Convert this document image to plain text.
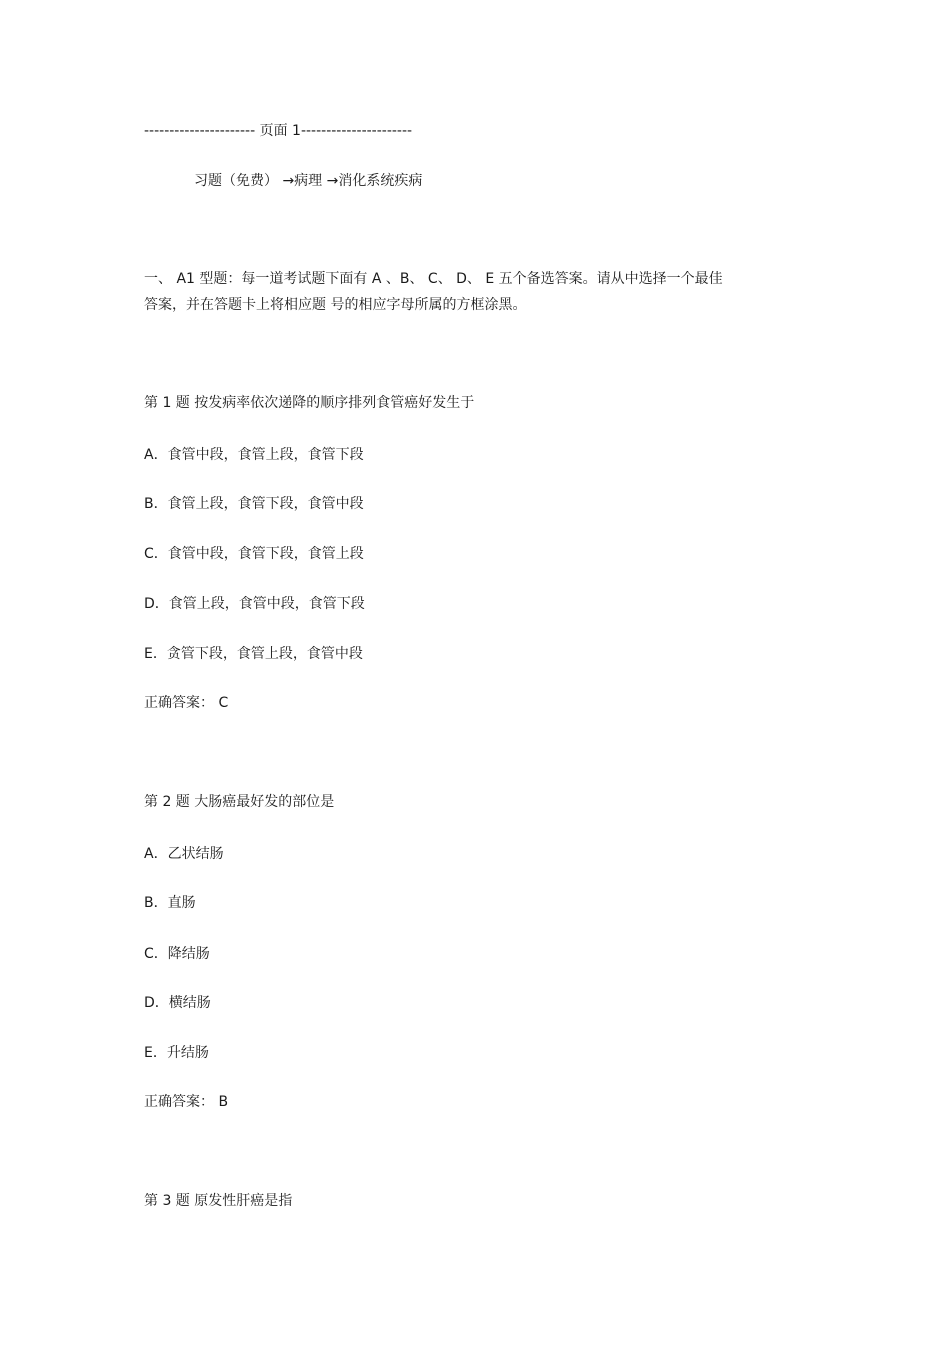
---------------------- 页面 1----------------------
习题（免费） →病理 →消化系统疾病
一、 A1 型题：每一道考试题下面有 A 、B、 C、 D、 E 五个备选答案。请从中选择一个最佳
答案，并在答题卡上将相应题 号的相应字母所属的方框涂黑。
第 1 题 按发病率依次递降的顺序排列食管癌好发生于
A．食管中段，食管上段，食管下段
B．食管上段，食管下段，食管中段
C．食管中段，食管下段，食管上段
D．食管上段，食管中段，食管下段
E．贪管下段，食管上段，食管中段
正确答案： C
第 2 题 大肠癌最好发的部位是
A．乙状结肠
B．直肠
C．降结肠
D．横结肠
E．升结肠
正确答案： B
第 3 题 原发性肝癌是指
